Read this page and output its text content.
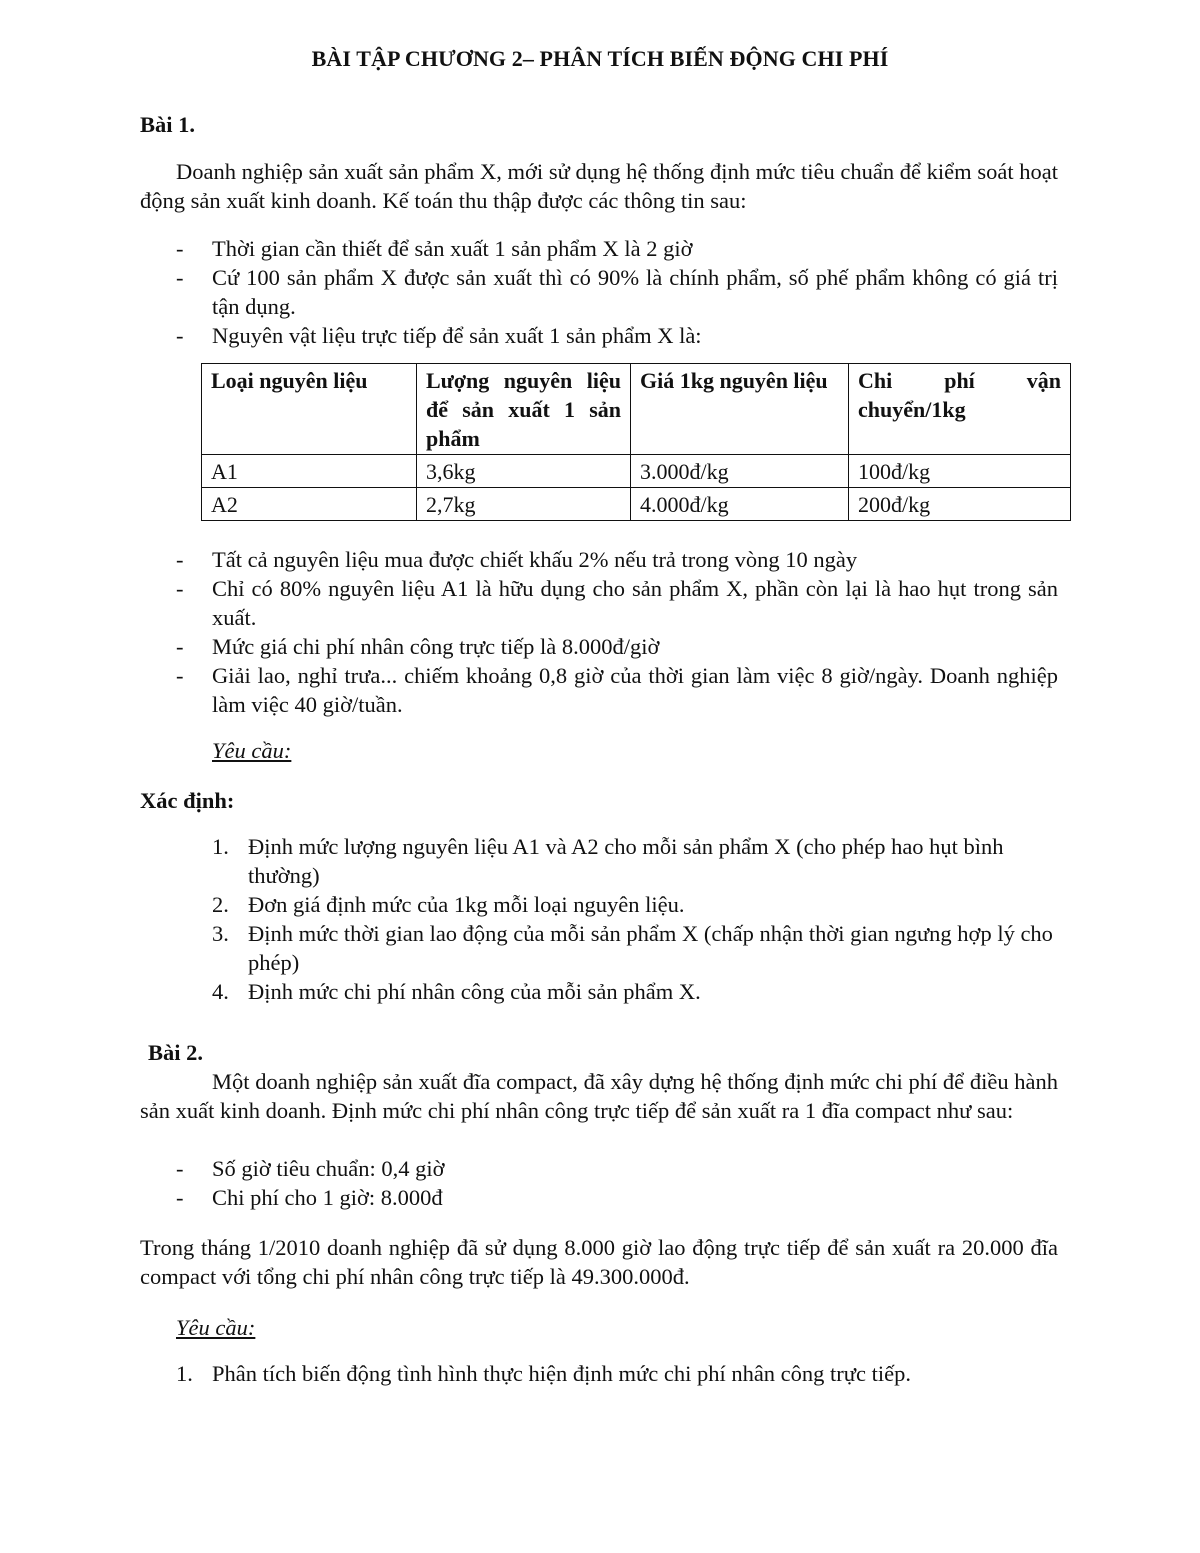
BÀI TẬP CHƯƠNG 2– PHÂN TÍCH BIẾN ĐỘNG CHI PHÍ
Bài 1.
Doanh nghiệp sản xuất sản phẩm X, mới sử dụng hệ thống định mức tiêu chuẩn để kiểm soát hoạt động sản xuất kinh doanh. Kế toán thu thập được các thông tin sau:
- Thời gian cần thiết để sản xuất 1 sản phẩm X là 2 giờ
- Cứ 100 sản phẩm X được sản xuất thì có 90% là chính phẩm, số phế phẩm không có giá trị tận dụng.
- Nguyên vật liệu trực tiếp để sản xuất 1 sản phẩm X là:
Loại nguyên liệu	Lượng nguyên liệu để sản xuất 1 sản phẩm	Giá 1kg nguyên liệu	Chi phí vận chuyển/1kg
A1	3,6kg	3.000đ/kg	100đ/kg
A2	2,7kg	4.000đ/kg	200đ/kg
- Tất cả nguyên liệu mua được chiết khấu 2% nếu trả trong vòng 10 ngày
- Chỉ có 80% nguyên liệu A1 là hữu dụng cho sản phẩm X, phần còn lại là hao hụt trong sản xuất.
- Mức giá chi phí nhân công trực tiếp là 8.000đ/giờ
- Giải lao, nghỉ trưa... chiếm khoảng 0,8 giờ của thời gian làm việc 8 giờ/ngày. Doanh nghiệp làm việc 40 giờ/tuần.
Yêu cầu:
Xác định:
1. Định mức lượng nguyên liệu A1 và A2 cho mỗi sản phẩm X (cho phép hao hụt bình thường)
2. Đơn giá định mức của 1kg mỗi loại nguyên liệu.
3. Định mức thời gian lao động của mỗi sản phẩm X (chấp nhận thời gian ngưng hợp lý cho phép)
4. Định mức chi phí nhân công của mỗi sản phẩm X.
Bài 2.
Một doanh nghiệp sản xuất đĩa compact, đã xây dựng hệ thống định mức chi phí để điều hành sản xuất kinh doanh. Định mức chi phí nhân công trực tiếp để sản xuất ra 1 đĩa compact như sau:
- Số giờ tiêu chuẩn: 0,4 giờ
- Chi phí cho 1 giờ: 8.000đ
Trong tháng 1/2010 doanh nghiệp đã sử dụng 8.000 giờ lao động trực tiếp để sản xuất ra 20.000 đĩa compact với tổng chi phí nhân công trực tiếp là 49.300.000đ.
Yêu cầu:
1. Phân tích biến động tình hình thực hiện định mức chi phí nhân công trực tiếp.
